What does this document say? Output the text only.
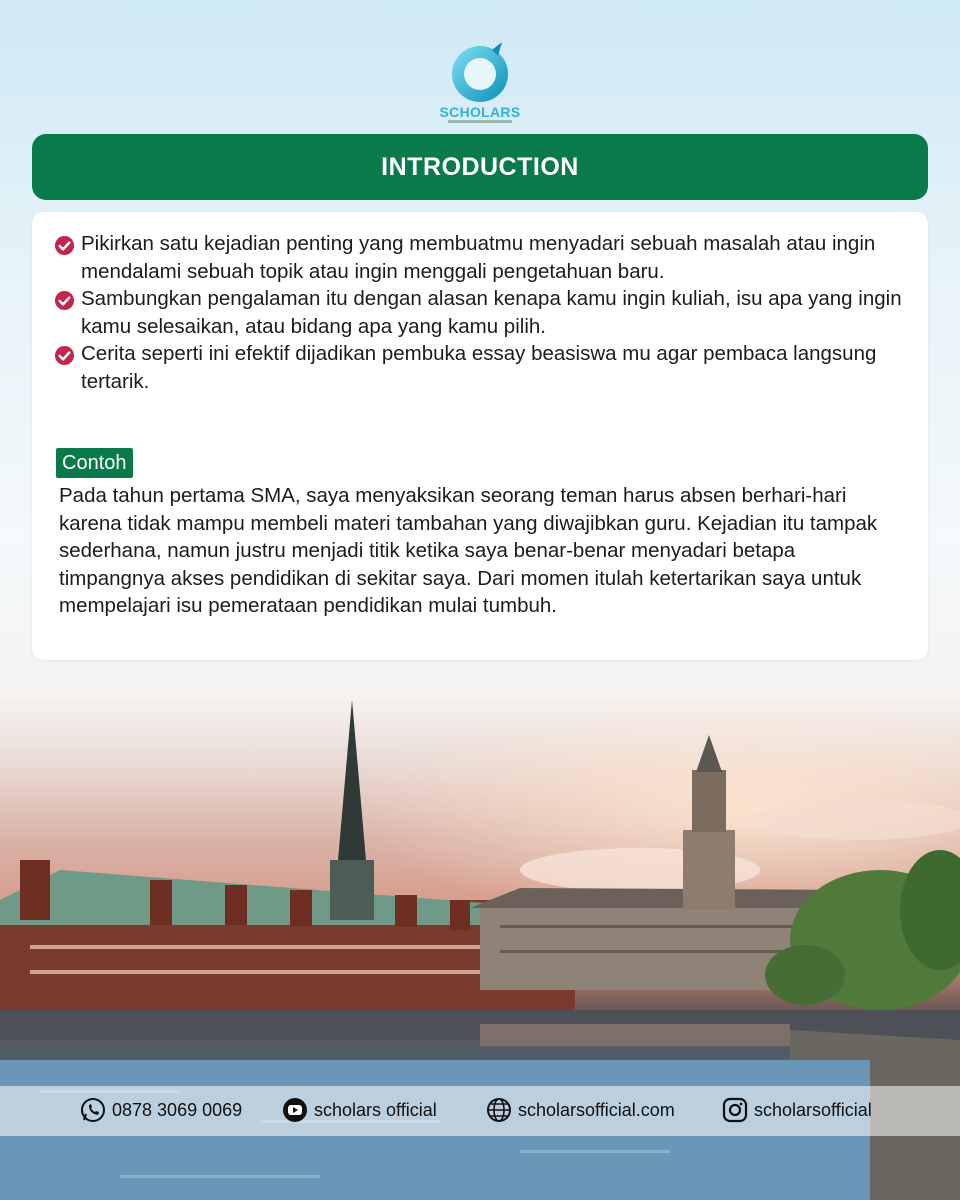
SCHOLARS
INTRODUCTION
Pikirkan satu kejadian penting yang membuatmu menyadari sebuah masalah atau ingin mendalami sebuah topik atau ingin menggali pengetahuan baru.
Sambungkan pengalaman itu dengan alasan kenapa kamu ingin kuliah, isu apa yang ingin kamu selesaikan, atau bidang apa yang kamu pilih.
Cerita seperti ini efektif dijadikan pembuka essay beasiswa mu agar pembaca langsung tertarik.
Contoh
Pada tahun pertama SMA, saya menyaksikan seorang teman harus absen berhari-hari karena tidak mampu membeli materi tambahan yang diwajibkan guru. Kejadian itu tampak sederhana, namun justru menjadi titik ketika saya benar-benar menyadari betapa timpangnya akses pendidikan di sekitar saya. Dari momen itulah ketertarikan saya untuk mempelajari isu pemerataan pendidikan mulai tumbuh.
0878 3069 0069	scholars official	scholarsofficial.com	scholarsofficial
